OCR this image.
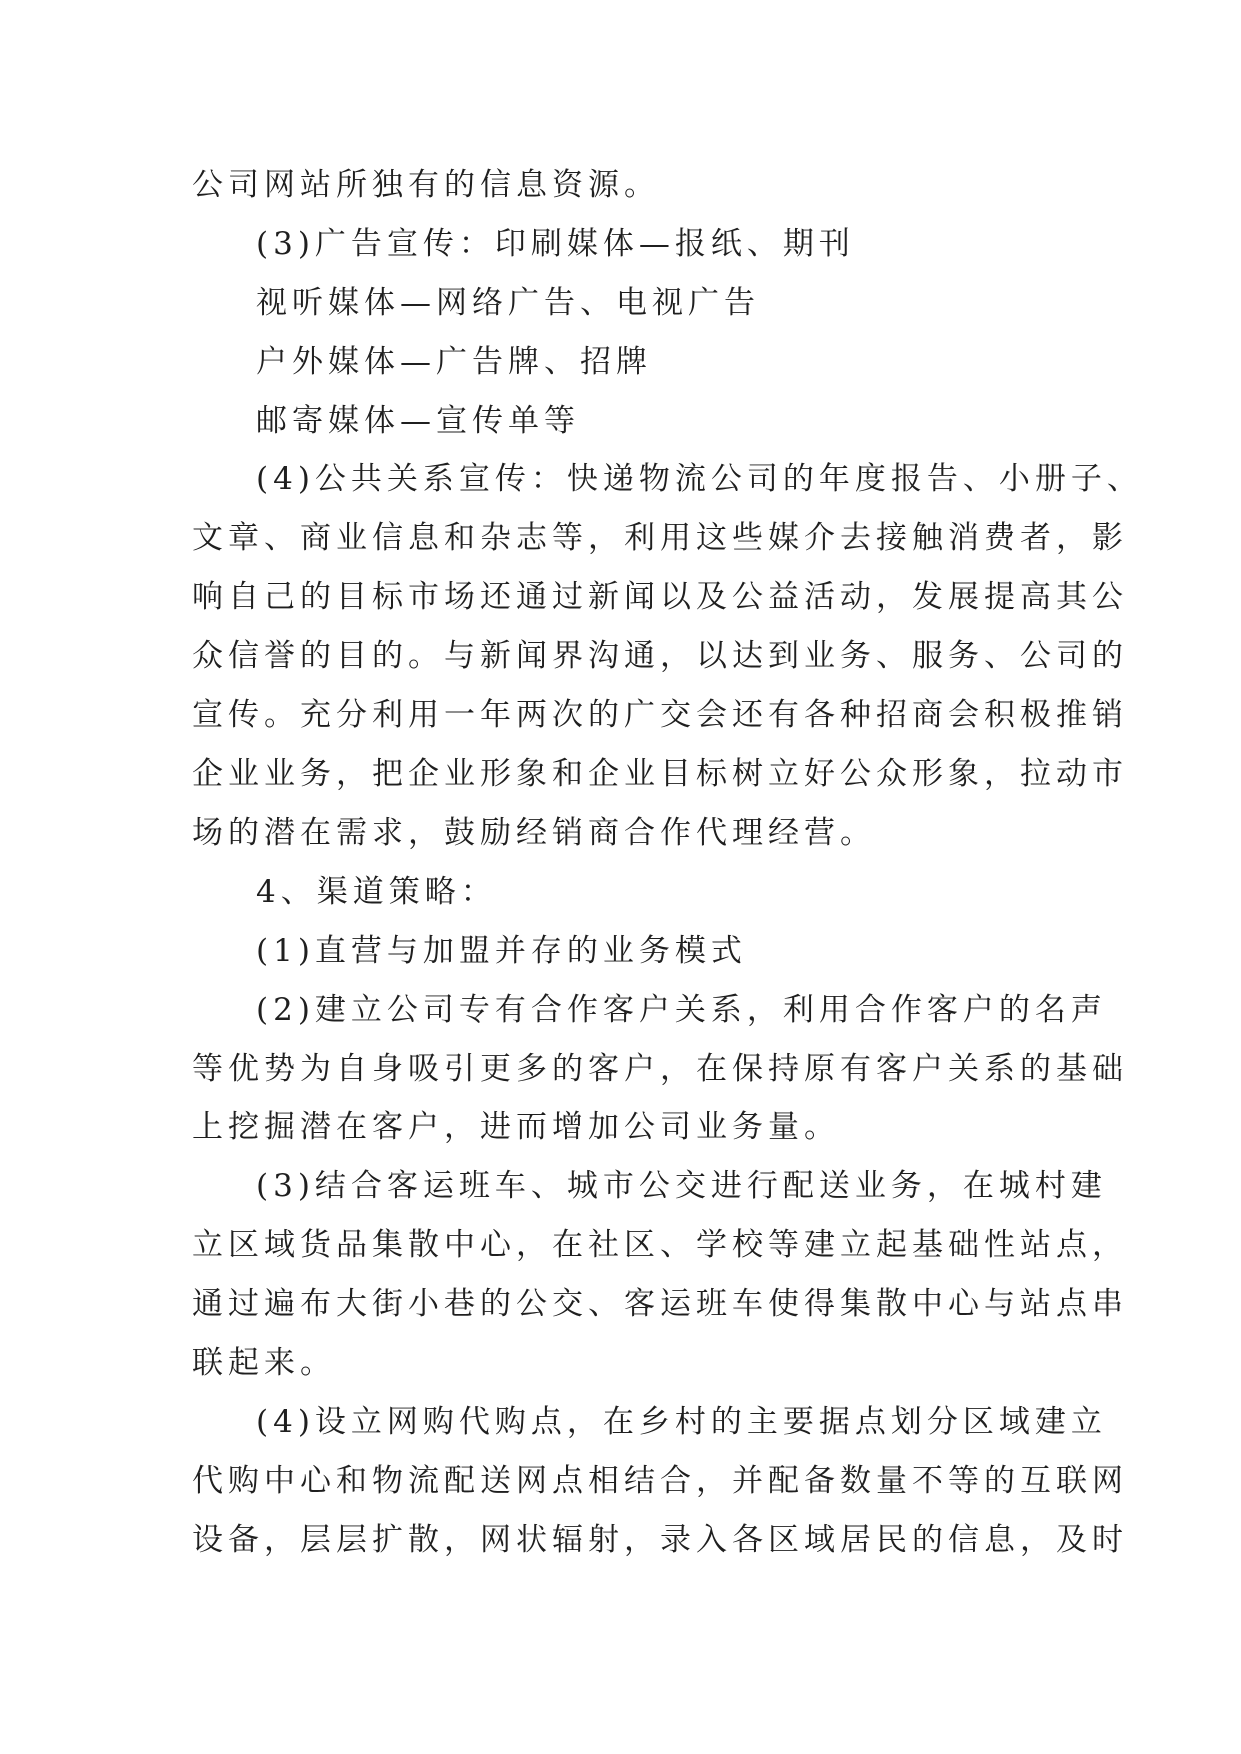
公司网站所独有的信息资源。
(3)广告宣传：印刷媒体—报纸、期刊
视听媒体—网络广告、电视广告
户外媒体—广告牌、招牌
邮寄媒体—宣传单等
(4)公共关系宣传：快递物流公司的年度报告、小册子、
文章、商业信息和杂志等，利用这些媒介去接触消费者，影
响自己的目标市场还通过新闻以及公益活动，发展提高其公
众信誉的目的。与新闻界沟通，以达到业务、服务、公司的
宣传。充分利用一年两次的广交会还有各种招商会积极推销
企业业务，把企业形象和企业目标树立好公众形象，拉动市
场的潜在需求，鼓励经销商合作代理经营。
4、渠道策略：
(1)直营与加盟并存的业务模式
(2)建立公司专有合作客户关系，利用合作客户的名声
等优势为自身吸引更多的客户，在保持原有客户关系的基础
上挖掘潜在客户，进而增加公司业务量。
(3)结合客运班车、城市公交进行配送业务，在城村建
立区域货品集散中心，在社区、学校等建立起基础性站点，
通过遍布大街小巷的公交、客运班车使得集散中心与站点串
联起来。
(4)设立网购代购点，在乡村的主要据点划分区域建立
代购中心和物流配送网点相结合，并配备数量不等的互联网
设备，层层扩散，网状辐射，录入各区域居民的信息，及时
